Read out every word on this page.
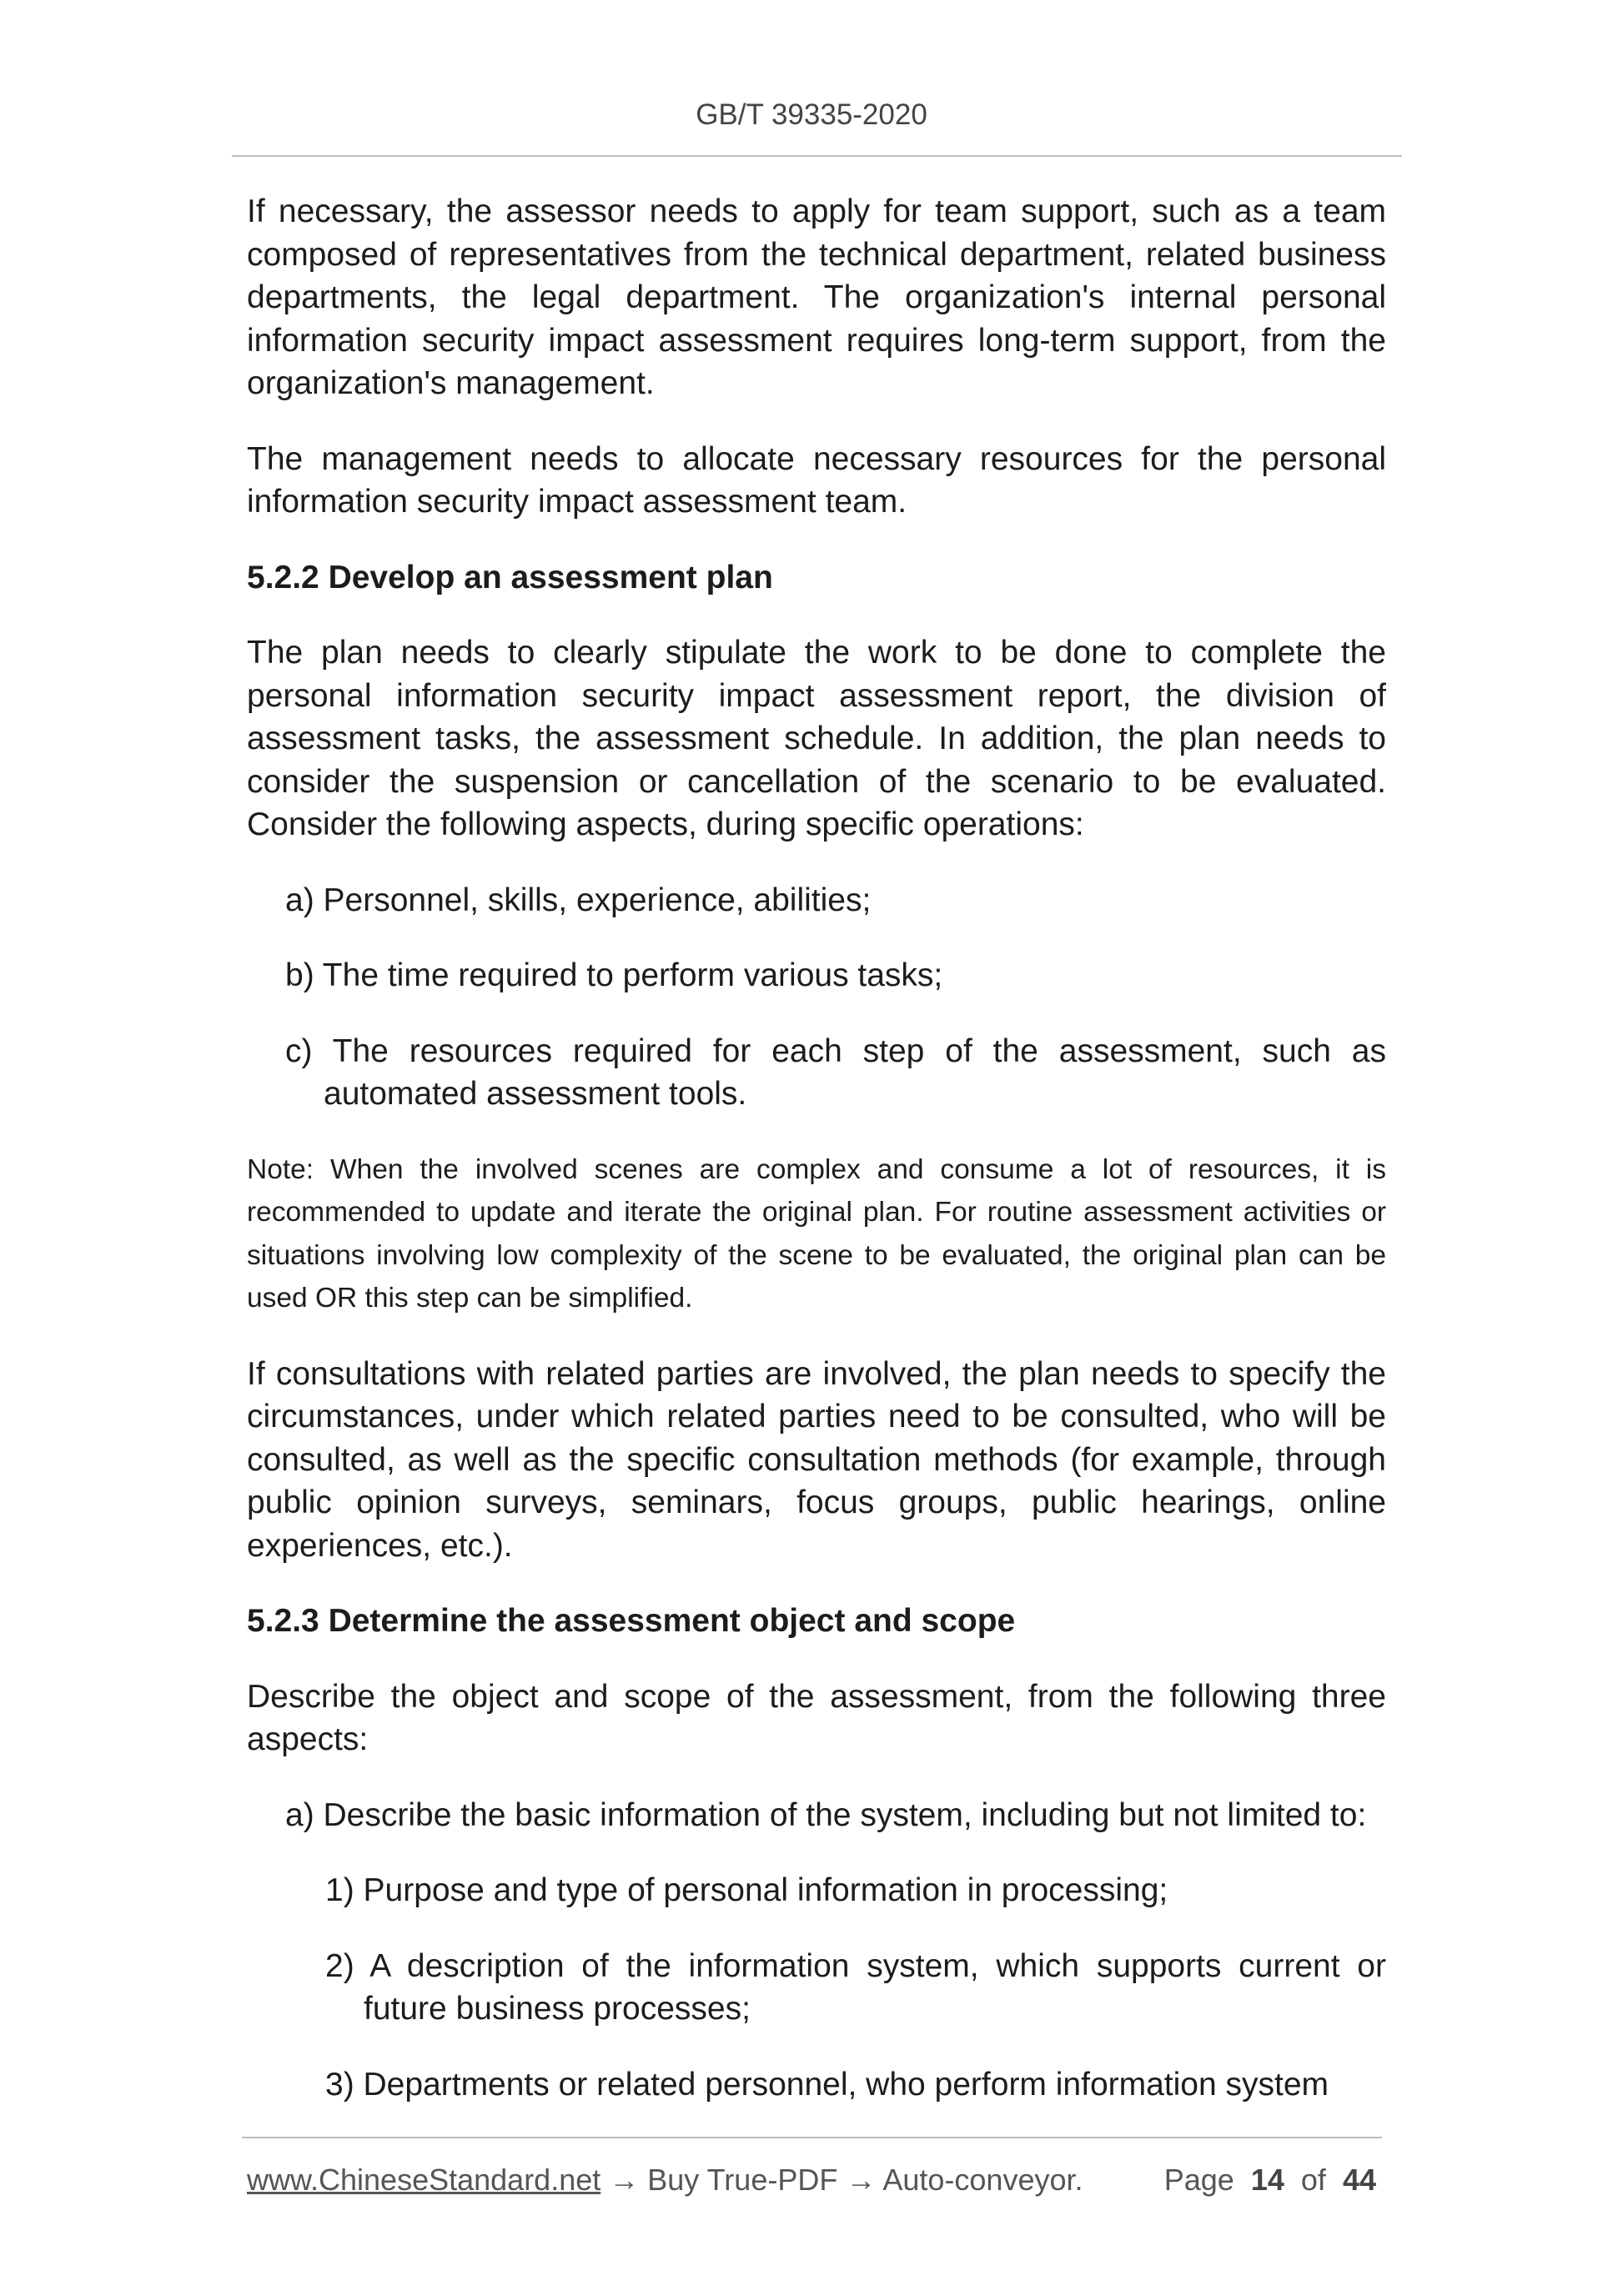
GB/T 39335-2020

If necessary, the assessor needs to apply for team support, such as a team composed of representatives from the technical department, related business departments, the legal department. The organization's internal personal information security impact assessment requires long-term support, from the organization's management.

The management needs to allocate necessary resources for the personal information security impact assessment team.

5.2.2 Develop an assessment plan

The plan needs to clearly stipulate the work to be done to complete the personal information security impact assessment report, the division of assessment tasks, the assessment schedule. In addition, the plan needs to consider the suspension or cancellation of the scenario to be evaluated. Consider the following aspects, during specific operations:

a) Personnel, skills, experience, abilities;

b) The time required to perform various tasks;

c) The resources required for each step of the assessment, such as automated assessment tools.

Note: When the involved scenes are complex and consume a lot of resources, it is recommended to update and iterate the original plan. For routine assessment activities or situations involving low complexity of the scene to be evaluated, the original plan can be used OR this step can be simplified.

If consultations with related parties are involved, the plan needs to specify the circumstances, under which related parties need to be consulted, who will be consulted, as well as the specific consultation methods (for example, through public opinion surveys, seminars, focus groups, public hearings, online experiences, etc.).

5.2.3 Determine the assessment object and scope

Describe the object and scope of the assessment, from the following three aspects:

a) Describe the basic information of the system, including but not limited to:

1) Purpose and type of personal information in processing;

2) A description of the information system, which supports current or future business processes;

3) Departments or related personnel, who perform information system

www.ChineseStandard.net → Buy True-PDF → Auto-conveyor.	Page 14 of 44
